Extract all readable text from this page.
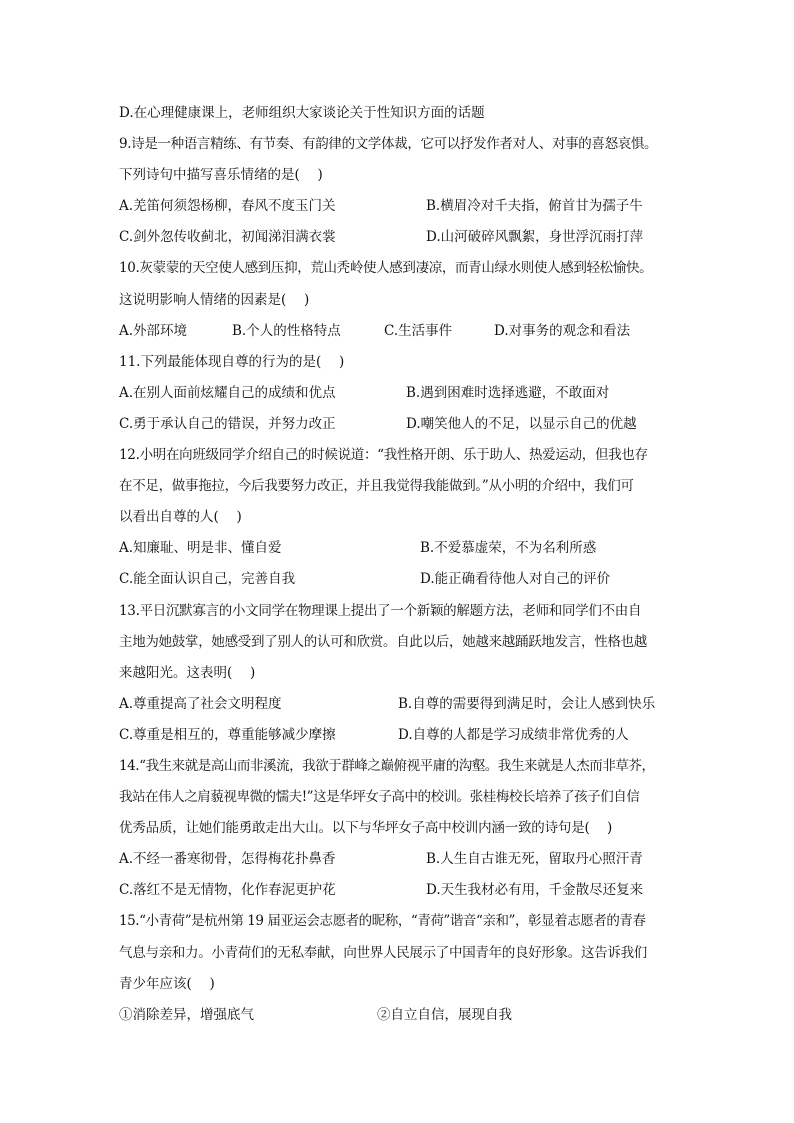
D.在心理健康课上，老师组织大家谈论关于性知识方面的话题
9.诗是一种语言精练、有节奏、有韵律的文学体裁，它可以抒发作者对人、对事的喜怒哀惧。
下列诗句中描写喜乐情绪的是(　 )
A.羌笛何须怨杨柳，春风不度玉门关	B.横眉冷对千夫指，俯首甘为孺子牛
C.剑外忽传收蓟北，初闻涕泪满衣裳	D.山河破碎风飘絮，身世浮沉雨打萍
10.灰蒙蒙的天空使人感到压抑，荒山秃岭使人感到凄凉，而青山绿水则使人感到轻松愉快。
这说明影响人情绪的因素是(　 )
A.外部环境	B.个人的性格特点	C.生活事件	D.对事务的观念和看法
11.下列最能体现自尊的行为的是(　 )
A.在别人面前炫耀自己的成绩和优点	B.遇到困难时选择逃避，不敢面对
C.勇于承认自己的错误，并努力改正	D.嘲笑他人的不足，以显示自己的优越
12.小明在向班级同学介绍自己的时候说道：“我性格开朗、乐于助人、热爱运动，但我也存
在不足，做事拖拉，今后我要努力改正，并且我觉得我能做到。”从小明的介绍中，我们可
以看出自尊的人(　 )
A.知廉耻、明是非、懂自爱	B.不爱慕虚荣，不为名利所惑
C.能全面认识自己，完善自我	D.能正确看待他人对自己的评价
13.平日沉默寡言的小文同学在物理课上提出了一个新颖的解题方法，老师和同学们不由自
主地为她鼓掌，她感受到了别人的认可和欣赏。自此以后，她越来越踊跃地发言，性格也越
来越阳光。这表明(　 )
A.尊重提高了社会文明程度	B.自尊的需要得到满足时，会让人感到快乐
C.尊重是相互的，尊重能够减少摩擦	D.自尊的人都是学习成绩非常优秀的人
14.“我生来就是高山而非溪流，我欲于群峰之巅俯视平庸的沟壑。我生来就是人杰而非草芥，
我站在伟人之肩藐视卑微的懦夫!”这是华坪女子高中的校训。张桂梅校长培养了孩子们自信
优秀品质，让她们能勇敢走出大山。以下与华坪女子高中校训内涵一致的诗句是(　 )
A.不经一番寒彻骨，怎得梅花扑鼻香	B.人生自古谁无死，留取丹心照汗青
C.落红不是无情物，化作春泥更护花	D.天生我材必有用，千金散尽还复来
15.“小青荷”是杭州第 19 届亚运会志愿者的昵称，“青荷”谐音“亲和”，彰显着志愿者的青春
气息与亲和力。小青荷们的无私奉献，向世界人民展示了中国青年的良好形象。这告诉我们
青少年应该(　 )
①消除差异，增强底气	②自立自信，展现自我
